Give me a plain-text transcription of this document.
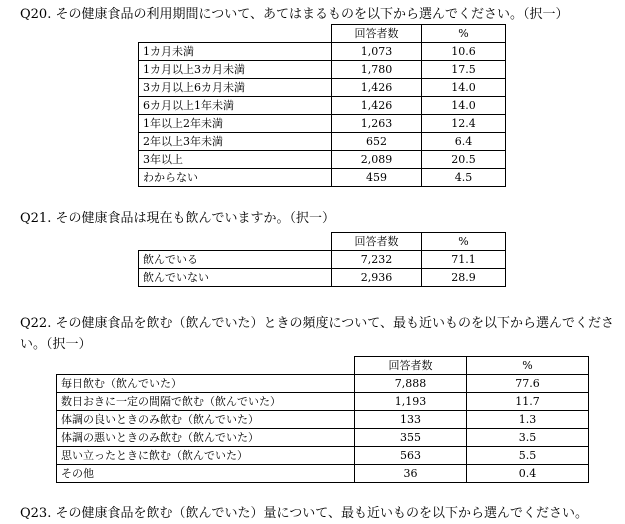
Q20. その健康食品の利用期間について、あてはまるものを以下から選んでください。（択一）
	回答者数	%
1カ月未満	1,073	10.6
1カ月以上3カ月未満	1,780	17.5
3カ月以上6カ月未満	1,426	14.0
6カ月以上1年未満	1,426	14.0
1年以上2年未満	1,263	12.4
2年以上3年未満	652	6.4
3年以上	2,089	20.5
わからない	459	4.5
Q21. その健康食品は現在も飲んでいますか。（択一）
	回答者数	%
飲んでいる	7,232	71.1
飲んでいない	2,936	28.9
Q22. その健康食品を飲む（飲んでいた）ときの頻度について、最も近いものを以下から選んでください。（択一）
	回答者数	%
毎日飲む（飲んでいた）	7,888	77.6
数日おきに一定の間隔で飲む（飲んでいた）	1,193	11.7
体調の良いときのみ飲む（飲んでいた）	133	1.3
体調の悪いときのみ飲む（飲んでいた）	355	3.5
思い立ったときに飲む（飲んでいた）	563	5.5
その他	36	0.4
Q23. その健康食品を飲む（飲んでいた）量について、最も近いものを以下から選んでください。
